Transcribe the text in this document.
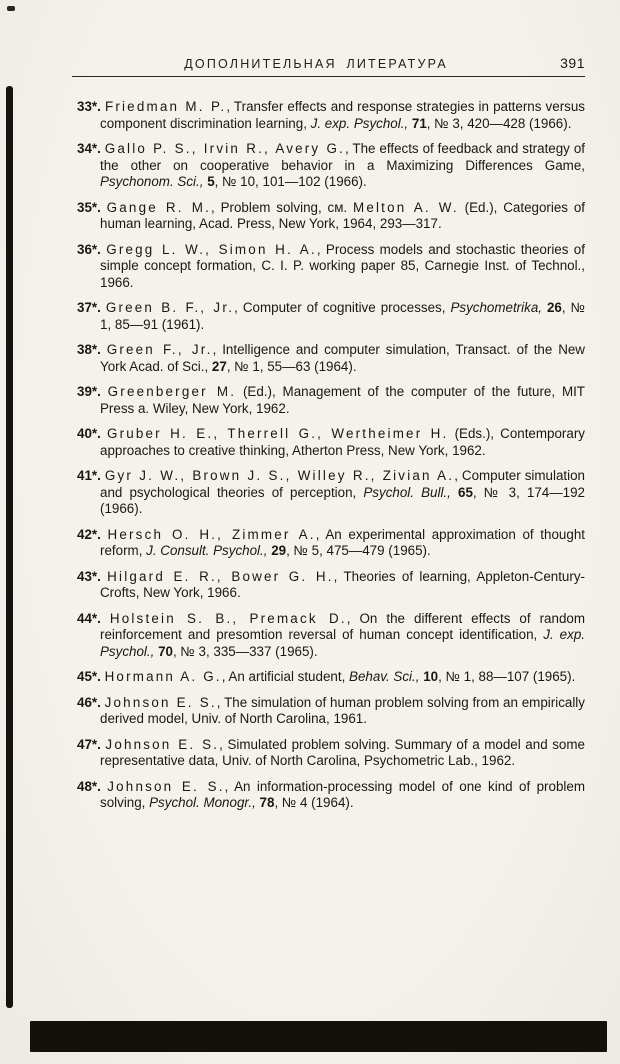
ДОПОЛНИТЕЛЬНАЯ ЛИТЕРАТУРА	391

33*. Friedman M. P., Transfer effects and response strategies in patterns versus component discrimination learning, J. exp. Psychol., 71, № 3, 420—428 (1966).

34*. Gallo P. S., Irvin R., Avery G., The effects of feedback and strategy of the other on cooperative behavior in a Maximizing Differences Game, Psychonom. Sci., 5, № 10, 101—102 (1966).

35*. Gange R. M., Problem solving, см. Melton A. W. (Ed.), Categories of human learning, Acad. Press, New York, 1964, 293—317.

36*. Gregg L. W., Simon H. A., Process models and stochastic theories of simple concept formation, C. I. P. working paper 85, Carnegie Inst. of Technol., 1966.

37*. Green B. F., Jr., Computer of cognitive processes, Psychometrika, 26, № 1, 85—91 (1961).

38*. Green F., Jr., Intelligence and computer simulation, Transact. of the New York Acad. of Sci., 27, № 1, 55—63 (1964).

39*. Greenberger M. (Ed.), Management of the computer of the future, MIT Press a. Wiley, New York, 1962.

40*. Gruber H. E., Therrell G., Wertheimer H. (Eds.), Contemporary approaches to creative thinking, Atherton Press, New York, 1962.

41*. Gyr J. W., Brown J. S., Willey R., Zivian A., Computer simulation and psychological theories of perception, Psychol. Bull., 65, № 3, 174—192 (1966).

42*. Hersch O. H., Zimmer A., An experimental approximation of thought reform, J. Consult. Psychol., 29, № 5, 475—479 (1965).

43*. Hilgard E. R., Bower G. H., Theories of learning, Appleton-Century-Crofts, New York, 1966.

44*. Holstein S. B., Premack D., On the different effects of random reinforcement and presomtion reversal of human concept identification, J. exp. Psychol., 70, № 3, 335—337 (1965).

45*. Hormann A. G., An artificial student, Behav. Sci., 10, № 1, 88—107 (1965).

46*. Johnson E. S., The simulation of human problem solving from an empirically derived model, Univ. of North Carolina, 1961.

47*. Johnson E. S., Simulated problem solving. Summary of a model and some representative data, Univ. of North Carolina, Psychometric Lab., 1962.

48*. Johnson E. S., An information-processing model of one kind of problem solving, Psychol. Monogr., 78, № 4 (1964).
